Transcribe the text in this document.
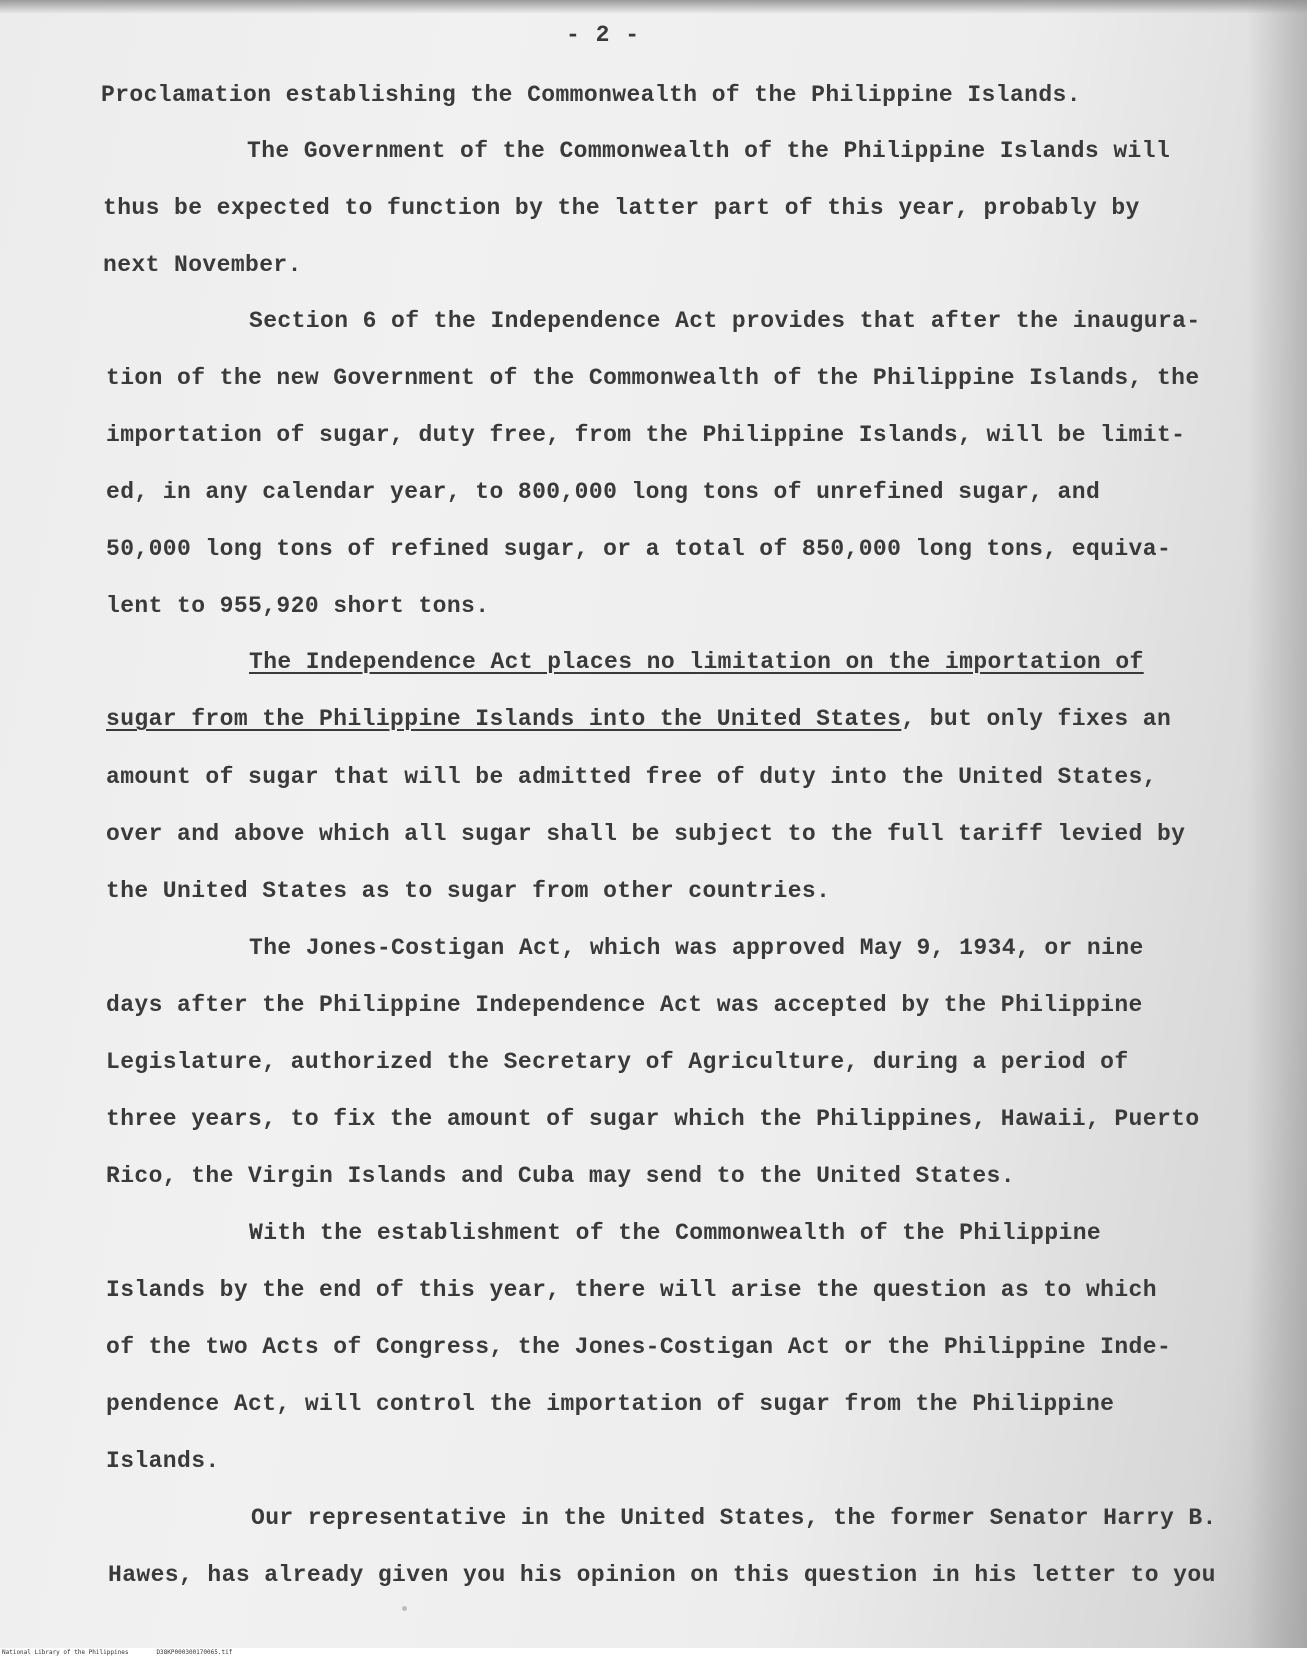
- 2 -
Proclamation establishing the Commonwealth of the Philippine Islands.
The Government of the Commonwealth of the Philippine Islands will
thus be expected to function by the latter part of this year, probably by
next November.
Section 6 of the Independence Act provides that after the inaugura-
tion of the new Government of the Commonwealth of the Philippine Islands, the
importation of sugar, duty free, from the Philippine Islands, will be limit-
ed, in any calendar year, to 800,000 long tons of unrefined sugar, and
50,000 long tons of refined sugar, or a total of 850,000 long tons, equiva-
lent to 955,920 short tons.
The Independence Act places no limitation on the importation of
sugar from the Philippine Islands into the United States, but only fixes an
amount of sugar that will be admitted free of duty into the United States,
over and above which all sugar shall be subject to the full tariff levied by
the United States as to sugar from other countries.
The Jones-Costigan Act, which was approved May 9, 1934, or nine
days after the Philippine Independence Act was accepted by the Philippine
Legislature, authorized the Secretary of Agriculture, during a period of
three years, to fix the amount of sugar which the Philippines, Hawaii, Puerto
Rico, the Virgin Islands and Cuba may send to the United States.
With the establishment of the Commonwealth of the Philippine
Islands by the end of this year, there will arise the question as to which
of the two Acts of Congress, the Jones-Costigan Act or the Philippine Inde-
pendence Act, will control the importation of sugar from the Philippine
Islands.
Our representative in the United States, the former Senator Harry B.
Hawes, has already given you his opinion on this question in his letter to you
National Library of the Philippines	D38KP000300170065.tif
